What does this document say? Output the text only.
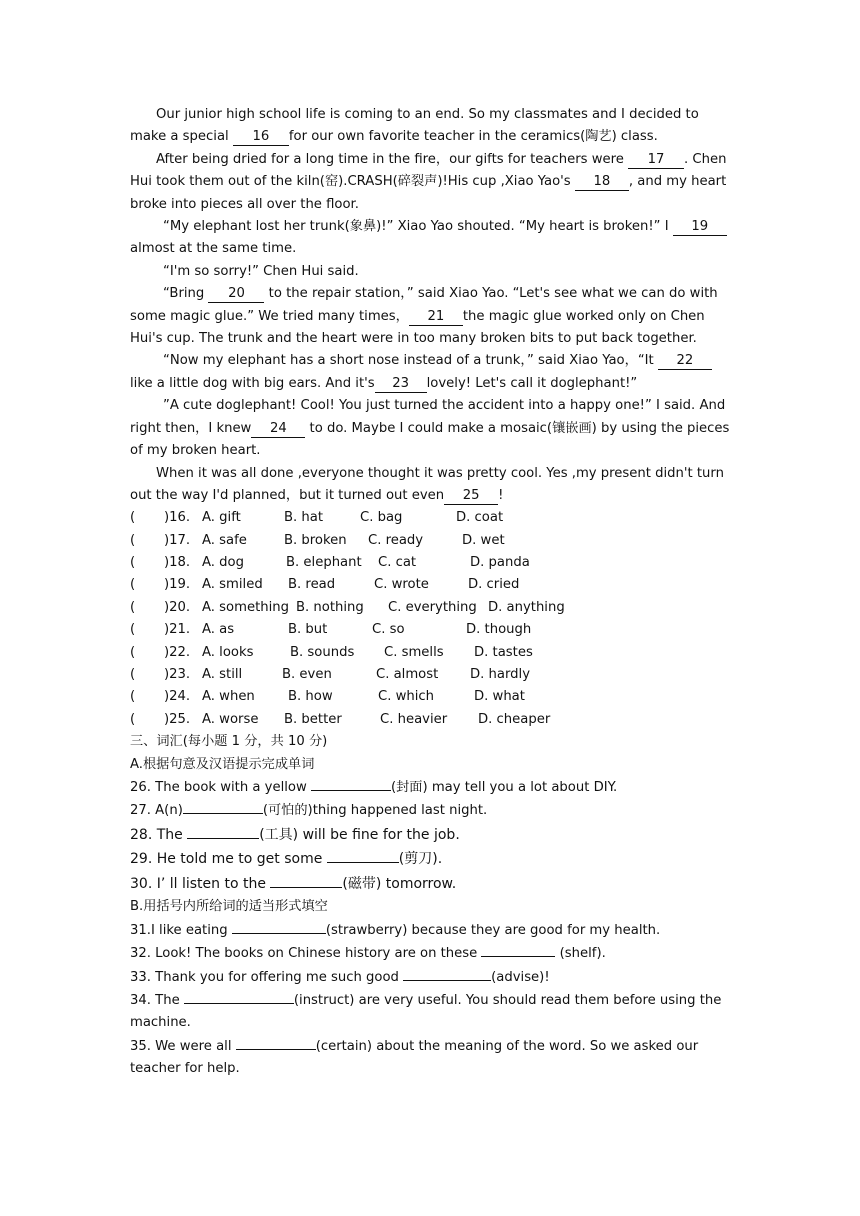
Our junior high school life is coming to an end. So my classmates and I decided to make a special 16 for our own favorite teacher in the ceramics(陶艺) class.

After being dried for a long time in the fire，our gifts for teachers were 17 . Chen Hui took them out of the kiln(窑).CRASH(碎裂声)!His cup ,Xiao Yao's 18 , and my heart broke into pieces all over the floor.

“My elephant lost her trunk(象鼻)!” Xiao Yao shouted. “My heart is broken!” I 19 almost at the same time.

“I'm so sorry!” Chen Hui said.

“Bring 20 to the repair station，” said Xiao Yao. “Let's see what we can do with some magic glue.” We tried many times， 21 the magic glue worked only on Chen Hui's cup. The trunk and the heart were in too many broken bits to put back together.

“Now my elephant has a short nose instead of a trunk，” said Xiao Yao，“It 22 like a little dog with big ears. And it's 23 lovely! Let's call it doglephant!”

”A cute doglephant! Cool! You just turned the accident into a happy one!” I said. And right then，I knew 24 to do. Maybe I could make a mosaic(镶嵌画) by using the pieces of my broken heart.

When it was all done ,everyone thought it was pretty cool. Yes ,my present didn't turn out the way I'd planned，but it turned out even 25 !

( )16. A. gift	B. hat	C. bag	D. coat
( )17. A. safe	B. broken C. ready	D. wet
( )18. A. dog	B. elephant C. cat	D. panda
( )19. A. smiled B. read	C. wrote	D. cried
( )20. A. something B. nothing C. everything D. anything
( )21. A. as	B. but	C. so	D. though
( )22. A. looks	B. sounds C. smells D. tastes
( )23. A. still	B. even	C. almost D. hardly
( )24. A. when	B. how	C. which	D. what
( )25. A. worse B. better	C. heavier D. cheaper
三、词汇(每小题 1 分，共 10 分)
A.根据句意及汉语提示完成单词
26. The book with a yellow	(封面) may tell you a lot about DIY.
27. A(n)	(可怕的)thing happened last night.
28. The	(工具) will be fine for the job.
29. He told me to get some	(剪刀).
30. I’ ll listen to the	(磁带) tomorrow.
B.用括号内所给词的适当形式填空
31.I like eating	(strawberry) because they are good for my health.
32. Look! The books on Chinese history are on these	(shelf).
33. Thank you for offering me such good	(advise)!
34. The	(instruct) are very useful. You should read them before using the machine.
35. We were all	(certain) about the meaning of the word. So we asked our teacher for help.
